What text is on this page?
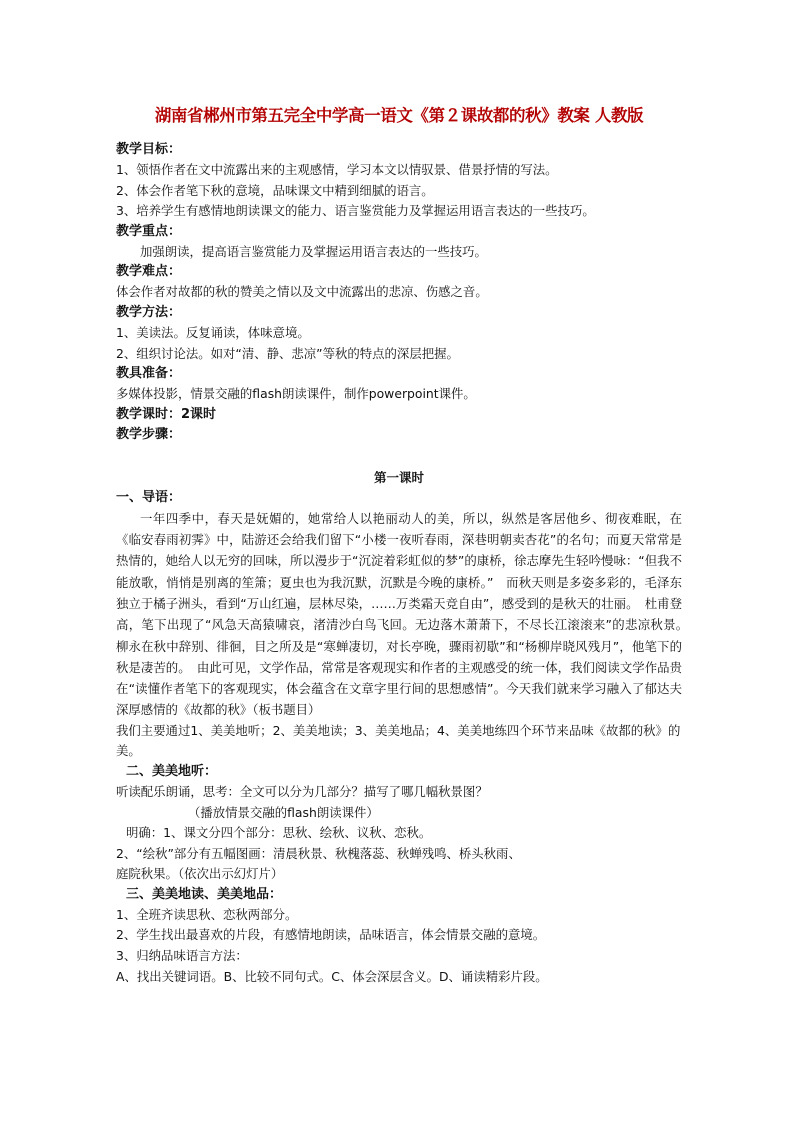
湖南省郴州市第五完全中学高一语文《第２课故都的秋》教案 人教版
教学目标：
1、领悟作者在文中流露出来的主观感情，学习本文以情驭景、借景抒情的写法。
2、体会作者笔下秋的意境，品味课文中精到细腻的语言。
3、培养学生有感情地朗读课文的能力、语言鉴赏能力及掌握运用语言表达的一些技巧。
教学重点：
加强朗读，提高语言鉴赏能力及掌握运用语言表达的一些技巧。
教学难点：
体会作者对故都的秋的赞美之情以及文中流露出的悲凉、伤感之音。
教学方法：
1、美读法。反复诵读，体味意境。
2、组织讨论法。如对“清、静、悲凉”等秋的特点的深层把握。
教具准备：
多媒体投影，情景交融的flash朗读课件，制作powerpoint课件。
教学课时：2课时
教学步骤：
第一课时
一、导语：
一年四季中，春天是妩媚的，她常给人以艳丽动人的美，所以，纵然是客居他乡、彻夜难眠，在《临安春雨初霁》中，陆游还会给我们留下“小楼一夜听春雨，深巷明朝卖杏花”的名句；而夏天常常是热情的，她给人以无穷的回味，所以漫步于“沉淀着彩虹似的梦”的康桥，徐志摩先生轻吟慢咏：“但我不能放歌，悄悄是别离的笙箫；夏虫也为我沉默，沉默是今晚的康桥。”　而秋天则是多姿多彩的，毛泽东独立于橘子洲头，看到“万山红遍，层林尽染，……万类霜天竞自由”，感受到的是秋天的壮丽。　杜甫登高，笔下出现了“风急天高猿啸哀，渚清沙白鸟飞回。无边落木萧萧下，不尽长江滚滚来”的悲凉秋景。　柳永在秋中辞别、徘徊，目之所及是“寒蝉凄切，对长亭晚，骤雨初歇”和“杨柳岸晓风残月”，他笔下的秋是凄苦的。　由此可见，文学作品，常常是客观现实和作者的主观感受的统一体，我们阅读文学作品贵在“读懂作者笔下的客观现实，体会蕴含在文章字里行间的思想感情”。今天我们就来学习融入了郁达夫深厚感情的《故都的秋》（板书题目）
我们主要通过1、美美地听；2、美美地读；3、美美地品；4、美美地练四个环节来品味《故都的秋》的美。
二、美美地听：
听读配乐朗诵，思考：全文可以分为几部分？描写了哪几幅秋景图？
（播放情景交融的flash朗读课件）
明确：1、课文分四个部分：思秋、绘秋、议秋、恋秋。
2、“绘秋”部分有五幅图画：清晨秋景、秋槐落蕊、秋蝉残鸣、桥头秋雨、
庭院秋果。（依次出示幻灯片）
三、美美地读、美美地品：
1、全班齐读思秋、恋秋两部分。
2、学生找出最喜欢的片段，有感情地朗读，品味语言，体会情景交融的意境。
3、归纳品味语言方法：
A、找出关键词语。B、比较不同句式。C、体会深层含义。D、诵读精彩片段。
